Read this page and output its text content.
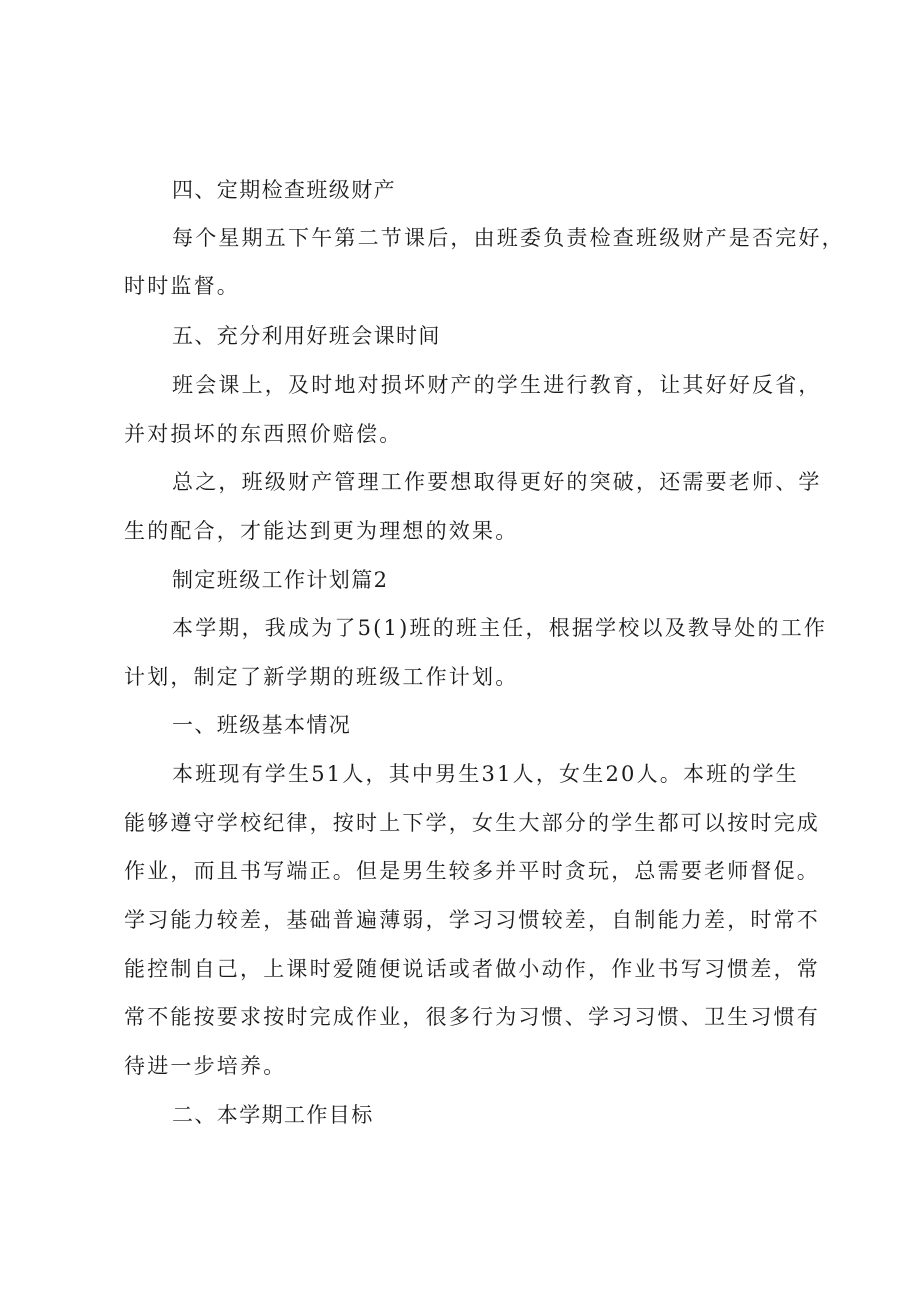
四、定期检查班级财产
每个星期五下午第二节课后，由班委负责检查班级财产是否完好，
时时监督。
五、充分利用好班会课时间
班会课上，及时地对损坏财产的学生进行教育，让其好好反省，
并对损坏的东西照价赔偿。
总之，班级财产管理工作要想取得更好的突破，还需要老师、学
生的配合，才能达到更为理想的效果。
制定班级工作计划篇2
本学期，我成为了5(1)班的班主任，根据学校以及教导处的工作
计划，制定了新学期的班级工作计划。
一、班级基本情况
本班现有学生51人，其中男生31人，女生20人。本班的学生
能够遵守学校纪律，按时上下学，女生大部分的学生都可以按时完成
作业，而且书写端正。但是男生较多并平时贪玩，总需要老师督促。
学习能力较差，基础普遍薄弱，学习习惯较差，自制能力差，时常不
能控制自己，上课时爱随便说话或者做小动作，作业书写习惯差，常
常不能按要求按时完成作业，很多行为习惯、学习习惯、卫生习惯有
待进一步培养。
二、本学期工作目标
